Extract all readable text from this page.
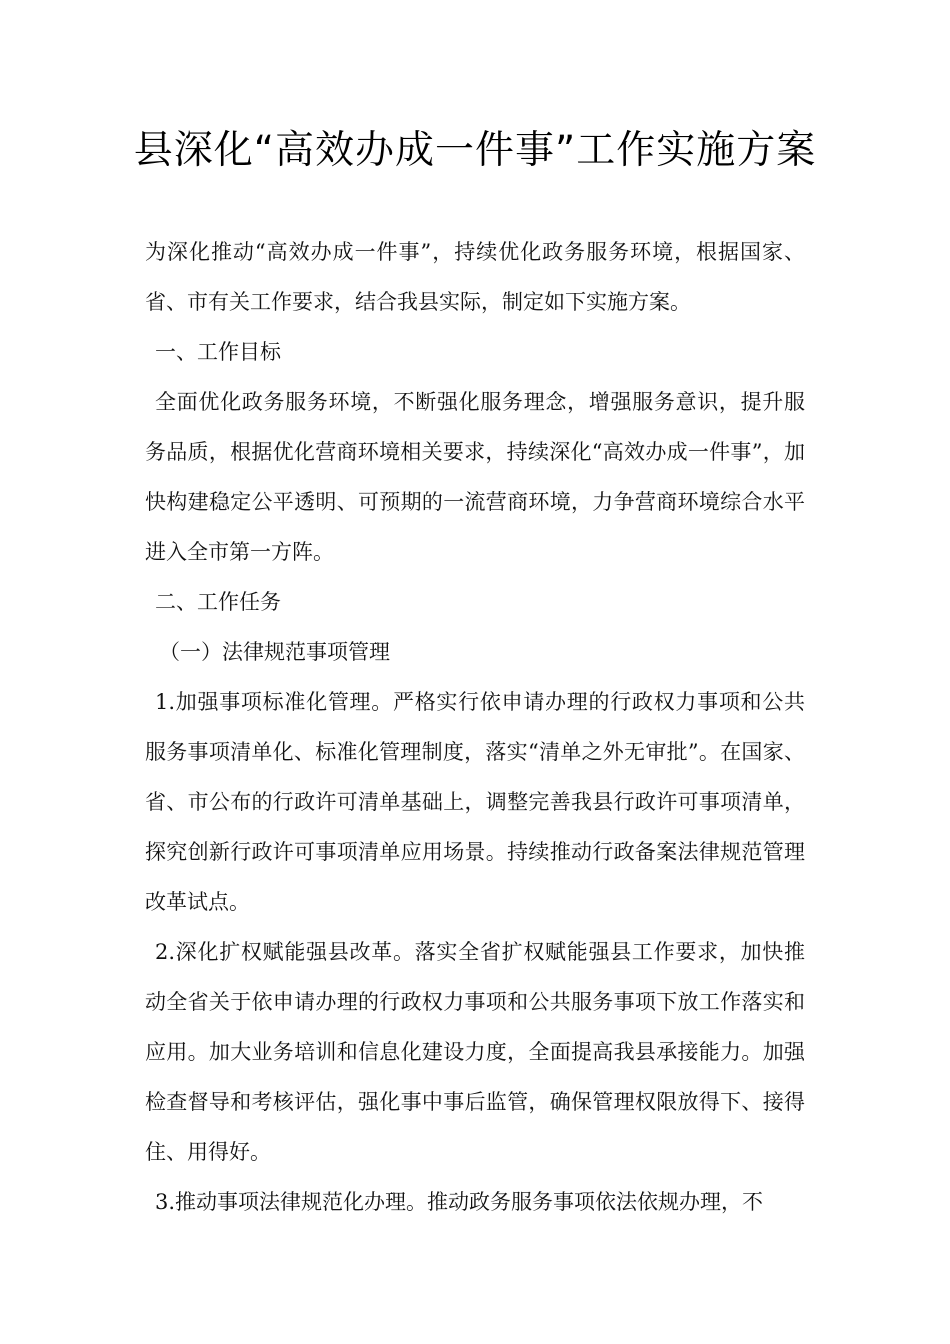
县深化“高效办成一件事”工作实施方案

为深化推动“高效办成一件事”，持续优化政务服务环境，根据国家、省、市有关工作要求，结合我县实际，制定如下实施方案。

一、工作目标

全面优化政务服务环境，不断强化服务理念，增强服务意识，提升服务品质，根据优化营商环境相关要求，持续深化“高效办成一件事”，加快构建稳定公平透明、可预期的一流营商环境，力争营商环境综合水平进入全市第一方阵。

二、工作任务

（一）法律规范事项管理

1.加强事项标准化管理。严格实行依申请办理的行政权力事项和公共服务事项清单化、标准化管理制度，落实“清单之外无审批”。在国家、省、市公布的行政许可清单基础上，调整完善我县行政许可事项清单，探究创新行政许可事项清单应用场景。持续推动行政备案法律规范管理改革试点。

2.深化扩权赋能强县改革。落实全省扩权赋能强县工作要求，加快推动全省关于依申请办理的行政权力事项和公共服务事项下放工作落实和应用。加大业务培训和信息化建设力度，全面提高我县承接能力。加强检查督导和考核评估，强化事中事后监管，确保管理权限放得下、接得住、用得好。

3.推动事项法律规范化办理。推动政务服务事项依法依规办理，不
